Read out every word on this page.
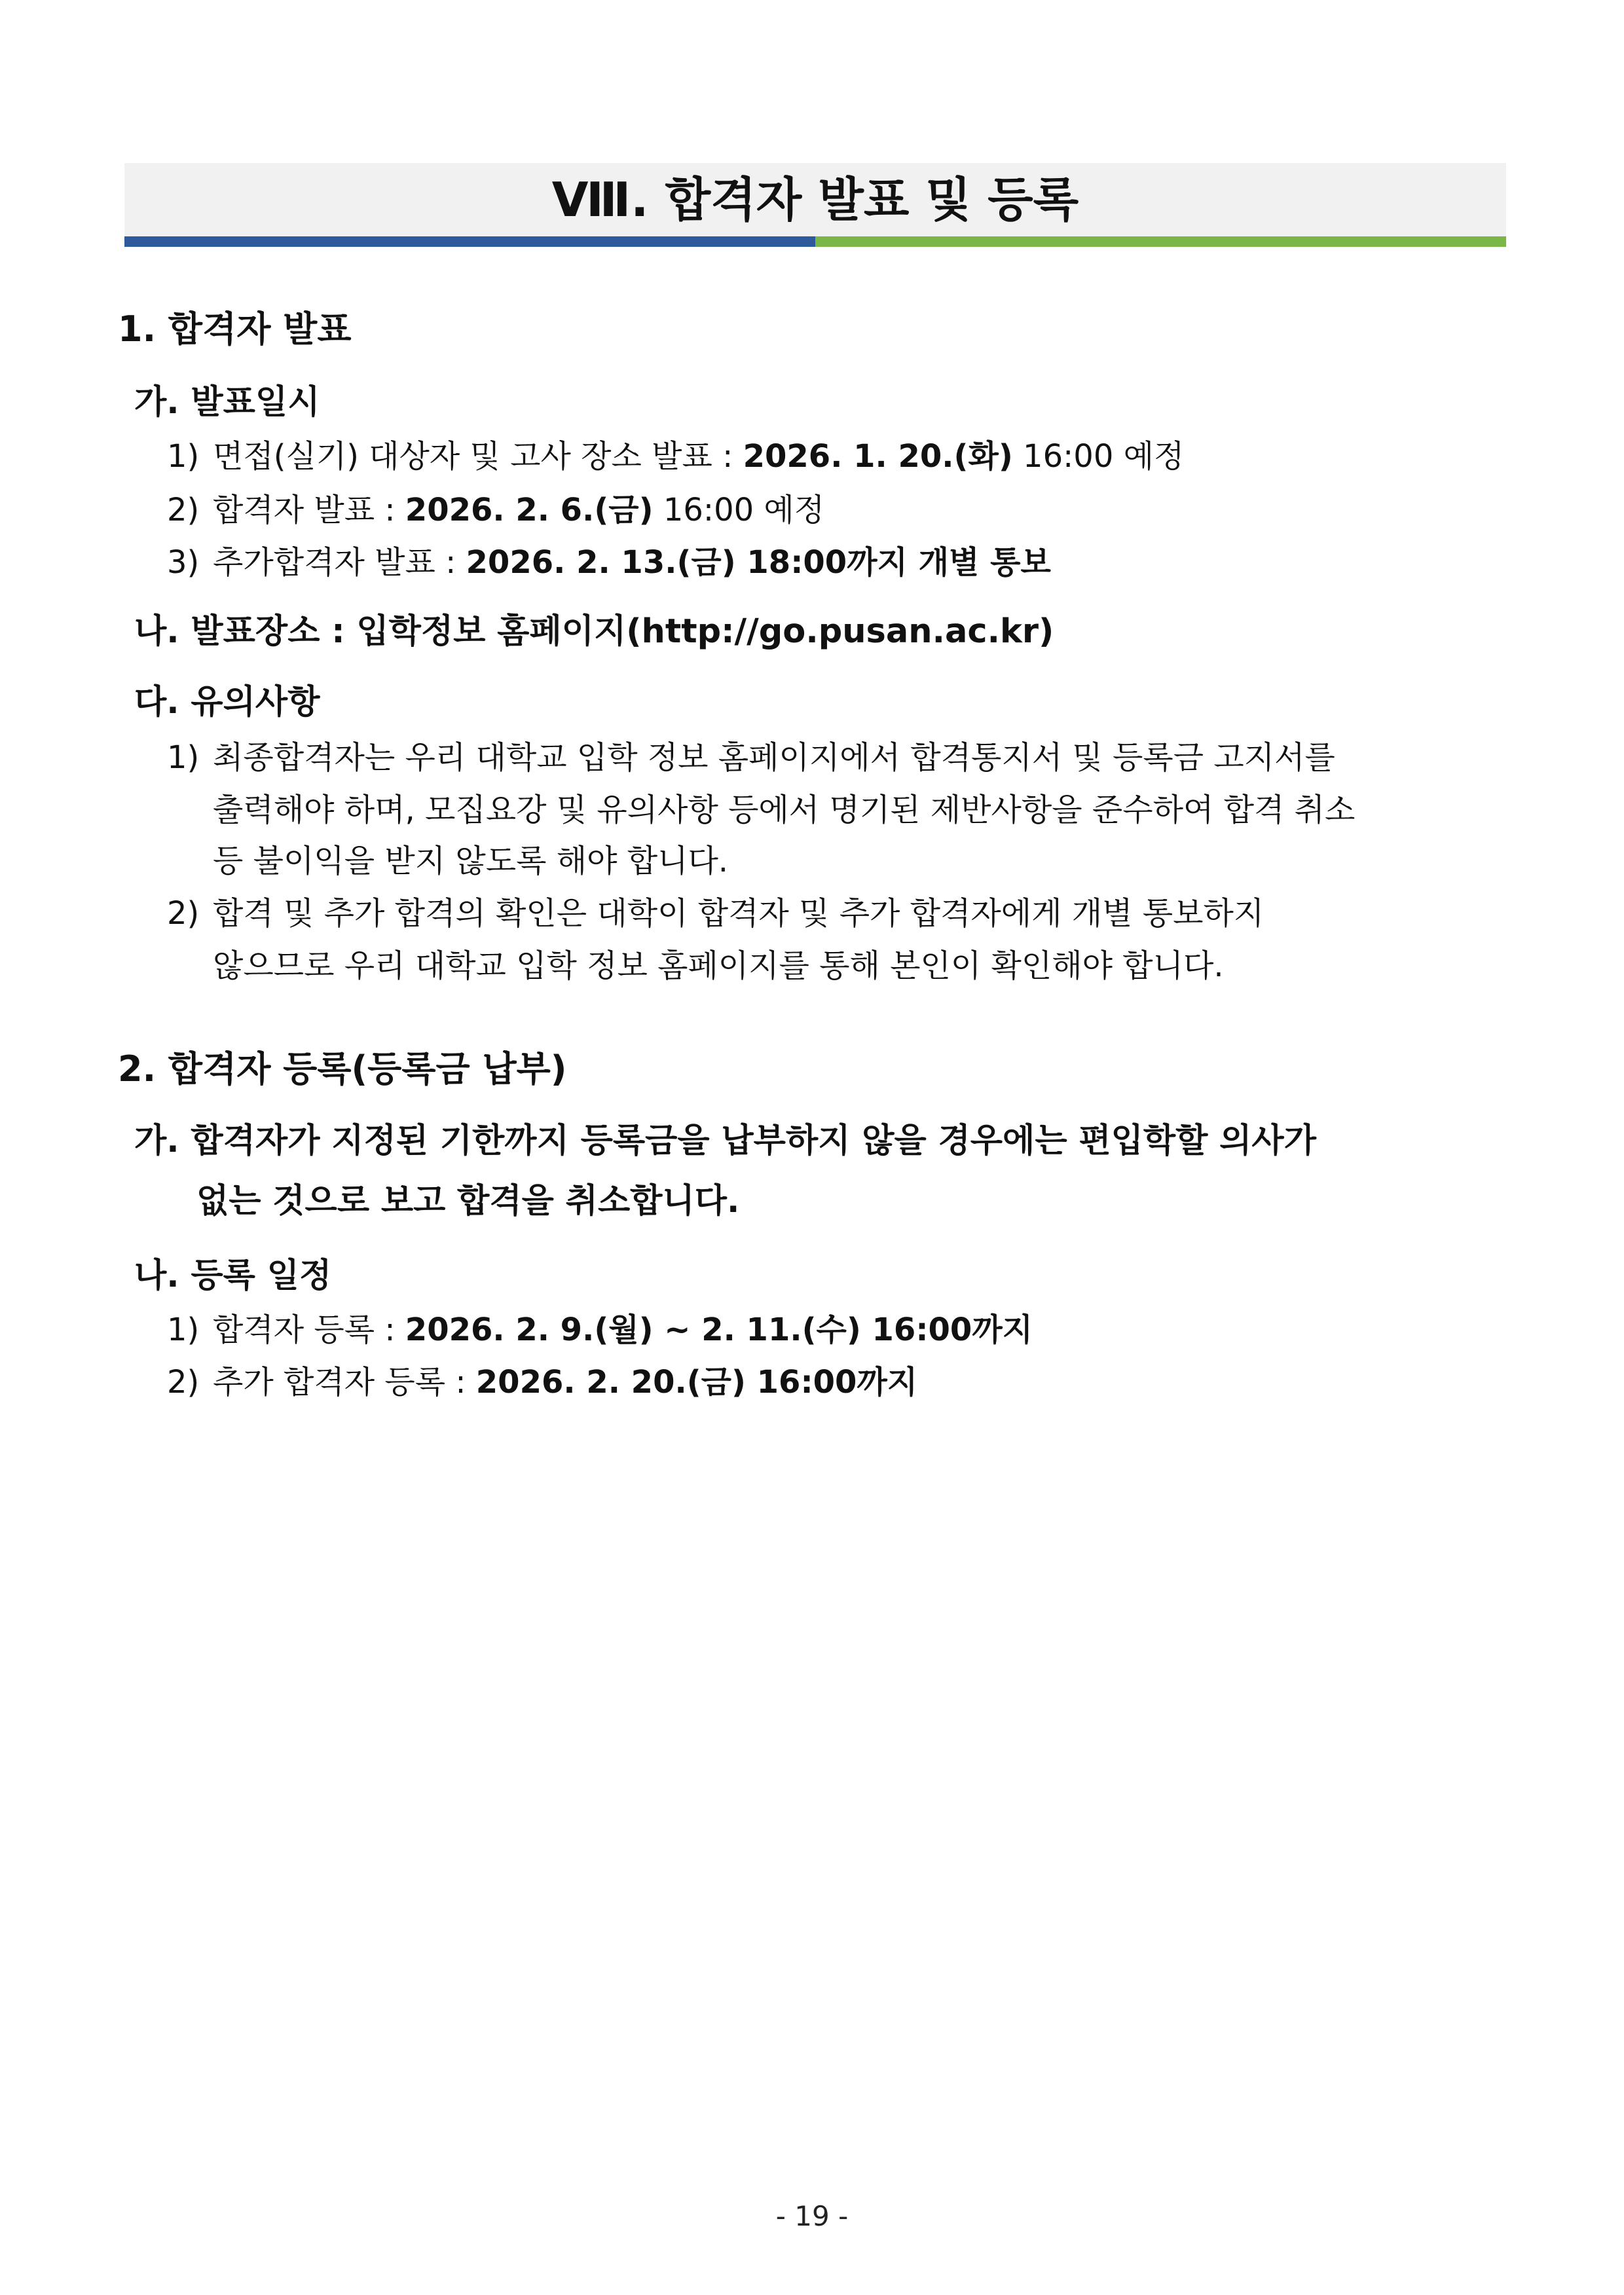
Ⅷ. 합격자 발표 및 등록
1. 합격자 발표
가. 발표일시
1) 면접(실기) 대상자 및 고사 장소 발표 : 2026. 1. 20.(화) 16:00 예정
2) 합격자 발표 : 2026. 2. 6.(금) 16:00 예정
3) 추가합격자 발표 : 2026. 2. 13.(금) 18:00까지 개별 통보
나. 발표장소 : 입학정보 홈페이지(http://go.pusan.ac.kr)
다. 유의사항
1) 최종합격자는 우리 대학교 입학 정보 홈페이지에서 합격통지서 및 등록금 고지서를
출력해야 하며, 모집요강 및 유의사항 등에서 명기된 제반사항을 준수하여 합격 취소
등 불이익을 받지 않도록 해야 합니다.
2) 합격 및 추가 합격의 확인은 대학이 합격자 및 추가 합격자에게 개별 통보하지
않으므로 우리 대학교 입학 정보 홈페이지를 통해 본인이 확인해야 합니다.
2. 합격자 등록(등록금 납부)
가. 합격자가 지정된 기한까지 등록금을 납부하지 않을 경우에는 편입학할 의사가
없는 것으로 보고 합격을 취소합니다.
나. 등록 일정
1) 합격자 등록 : 2026. 2. 9.(월) ~ 2. 11.(수) 16:00까지
2) 추가 합격자 등록 : 2026. 2. 20.(금) 16:00까지
- 19 -
